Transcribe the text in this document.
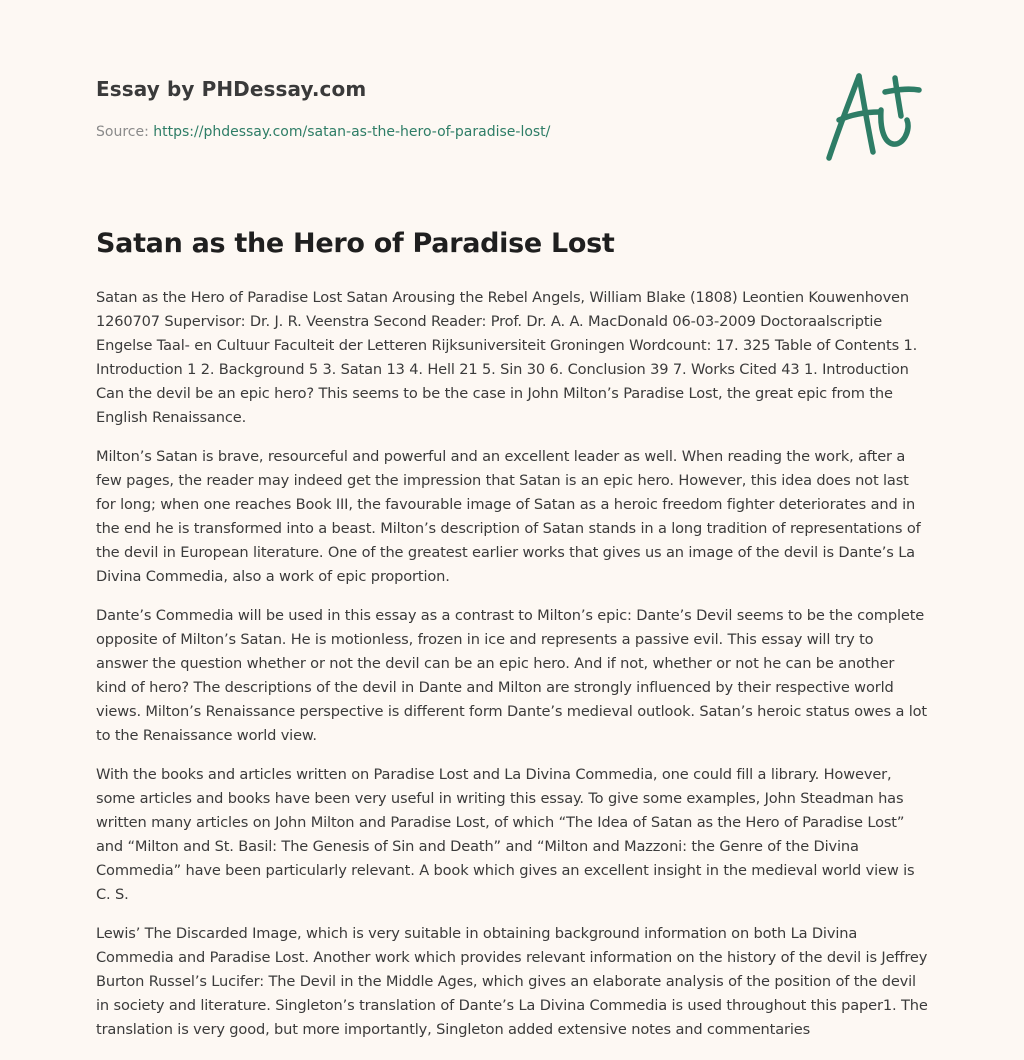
Essay by PHDessay.com
Source: https://phdessay.com/satan-as-the-hero-of-paradise-lost/
Satan as the Hero of Paradise Lost

Satan as the Hero of Paradise Lost Satan Arousing the Rebel Angels, William Blake (1808) Leontien Kouwenhoven 1260707 Supervisor: Dr. J. R. Veenstra Second Reader: Prof. Dr. A. A. MacDonald 06-03-2009 Doctoraalscriptie Engelse Taal- en Cultuur Faculteit der Letteren Rijksuniversiteit Groningen Wordcount: 17. 325 Table of Contents 1. Introduction 1 2. Background 5 3. Satan 13 4. Hell 21 5. Sin 30 6. Conclusion 39 7. Works Cited 43 1. Introduction Can the devil be an epic hero? This seems to be the case in John Milton’s Paradise Lost, the great epic from the English Renaissance.

Milton’s Satan is brave, resourceful and powerful and an excellent leader as well. When reading the work, after a few pages, the reader may indeed get the impression that Satan is an epic hero. However, this idea does not last for long; when one reaches Book III, the favourable image of Satan as a heroic freedom fighter deteriorates and in the end he is transformed into a beast. Milton’s description of Satan stands in a long tradition of representations of the devil in European literature. One of the greatest earlier works that gives us an image of the devil is Dante’s La Divina Commedia, also a work of epic proportion.

Dante’s Commedia will be used in this essay as a contrast to Milton’s epic: Dante’s Devil seems to be the complete opposite of Milton’s Satan. He is motionless, frozen in ice and represents a passive evil. This essay will try to answer the question whether or not the devil can be an epic hero. And if not, whether or not he can be another kind of hero? The descriptions of the devil in Dante and Milton are strongly influenced by their respective world views. Milton’s Renaissance perspective is different form Dante’s medieval outlook. Satan’s heroic status owes a lot to the Renaissance world view.

With the books and articles written on Paradise Lost and La Divina Commedia, one could fill a library. However, some articles and books have been very useful in writing this essay. To give some examples, John Steadman has written many articles on John Milton and Paradise Lost, of which “The Idea of Satan as the Hero of Paradise Lost” and “Milton and St. Basil: The Genesis of Sin and Death” and “Milton and Mazzoni: the Genre of the Divina Commedia” have been particularly relevant. A book which gives an excellent insight in the medieval world view is C. S.

Lewis’ The Discarded Image, which is very suitable in obtaining background information on both La Divina Commedia and Paradise Lost. Another work which provides relevant information on the history of the devil is Jeffrey Burton Russel’s Lucifer: The Devil in the Middle Ages, which gives an elaborate analysis of the position of the devil in society and literature. Singleton’s translation of Dante’s La Divina Commedia is used throughout this paper1. The translation is very good, but more importantly, Singleton added extensive notes and commentaries
